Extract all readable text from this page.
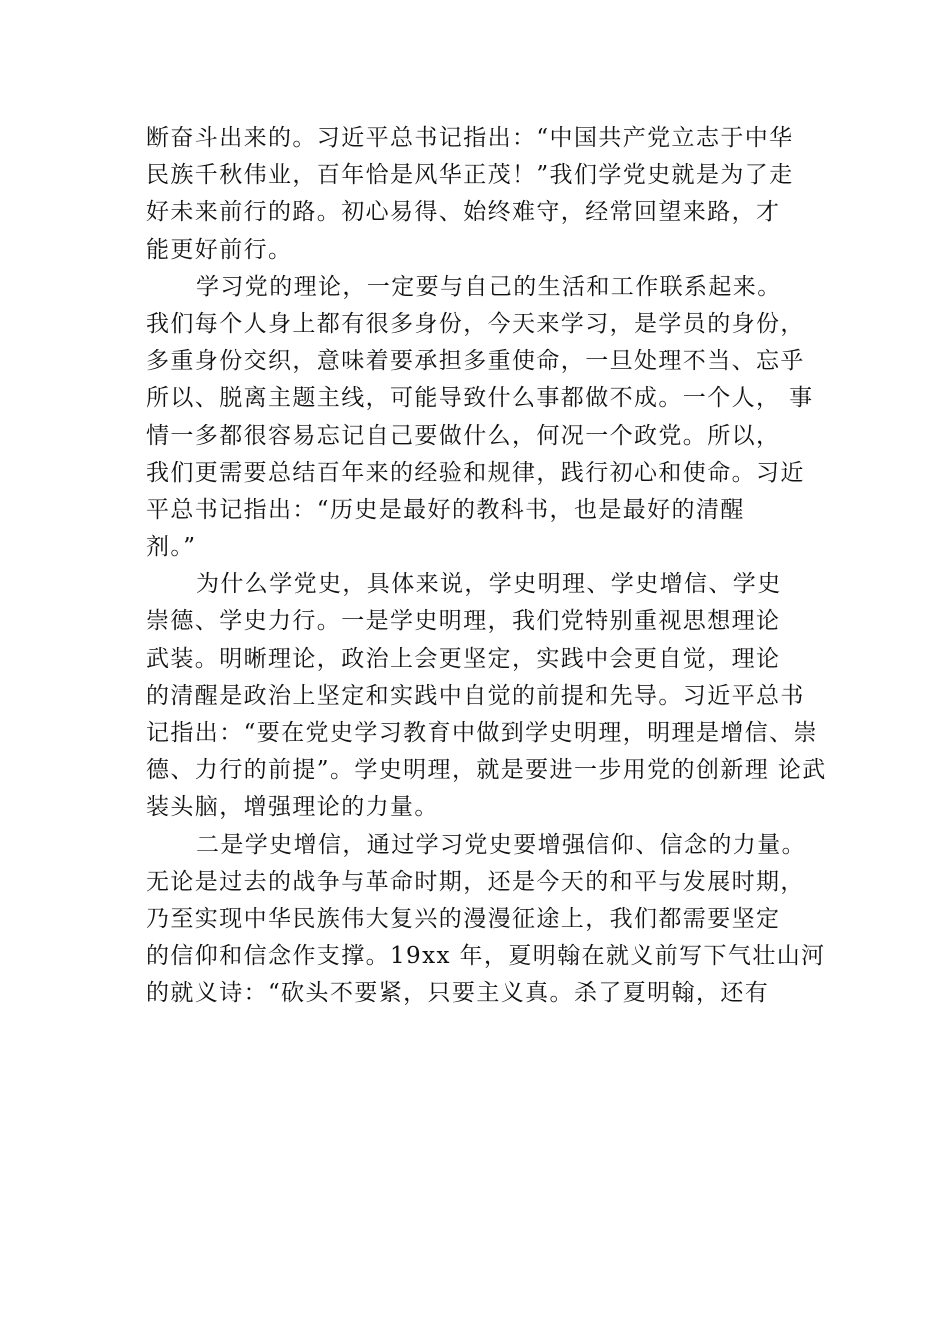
断奋斗出来的。习近平总书记指出：“中国共产党立志于中华
民族千秋伟业，百年恰是风华正茂！”我们学党史就是为了走
好未来前行的路。初心易得、始终难守，经常回望来路，才
能更好前行。
学习党的理论，一定要与自己的生活和工作联系起来。
我们每个人身上都有很多身份，今天来学习，是学员的身份，
多重身份交织，意味着要承担多重使命，一旦处理不当、忘乎
所以、脱离主题主线，可能导致什么事都做不成。一个人， 事
情一多都很容易忘记自己要做什么，何况一个政党。所以，
我们更需要总结百年来的经验和规律，践行初心和使命。习近
平总书记指出：“历史是最好的教科书，也是最好的清醒
剂。”
为什么学党史，具体来说，学史明理、学史增信、学史
崇德、学史力行。一是学史明理，我们党特别重视思想理论
武装。明晰理论，政治上会更坚定，实践中会更自觉，理论
的清醒是政治上坚定和实践中自觉的前提和先导。习近平总书
记指出：“要在党史学习教育中做到学史明理，明理是增信、崇
德、力行的前提”。学史明理，就是要进一步用党的创新理 论武
装头脑，增强理论的力量。
二是学史增信，通过学习党史要增强信仰、信念的力量。
无论是过去的战争与革命时期，还是今天的和平与发展时期，
乃至实现中华民族伟大复兴的漫漫征途上，我们都需要坚定
的信仰和信念作支撑。19xx 年，夏明翰在就义前写下气壮山河
的就义诗：“砍头不要紧，只要主义真。杀了夏明翰，还有
